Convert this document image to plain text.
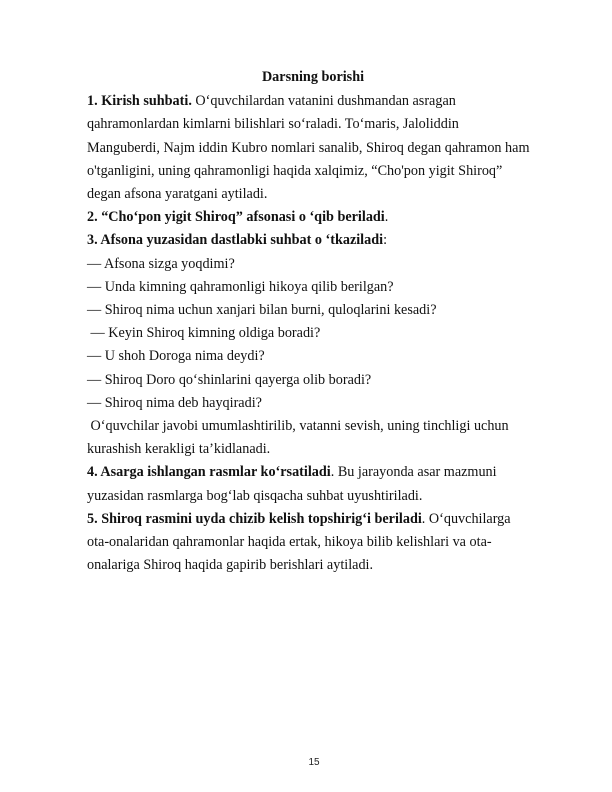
Darsning borishi

1. Kirish suhbati. O‘quvchilardan vatanini dushmandan asragan qahramonlardan kimlarni bilishlari so‘raladi. To‘maris, Jaloliddin Manguberdi, Najm iddin Kubro nomlari sanalib, Shiroq degan qahramon ham o'tganligini, uning qahramonligi haqida xalqimiz, “Cho'pon yigit Shiroq” degan afsona yaratgani aytiladi.

2. “Cho‘pon yigit Shiroq” afsonasi o ‘qib beriladi.

3. Afsona yuzasidan dastlabki suhbat o ‘tkaziladi:

— Afsona sizga yoqdimi?

— Unda kimning qahramonligi hikoya qilib berilgan?

— Shiroq nima uchun xanjari bilan burni, quloqlarini kesadi?

— Keyin Shiroq kimning oldiga boradi?

— U shoh Doroga nima deydi?

— Shiroq Doro qo‘shinlarini qayerga olib boradi?

— Shiroq nima deb hayqiradi?

O‘quvchilar javobi umumlashtirilib, vatanni sevish, uning tinchligi uchun kurashish kerakligi ta’kidlanadi.

4. Asarga ishlangan rasmlar ko‘rsatiladi. Bu jarayonda asar mazmuni yuzasidan rasmlarga bog‘lab qisqacha suhbat uyushtiriladi.

5. Shiroq rasmini uyda chizib kelish topshirig‘i beriladi. O‘quvchilarga ota-onalaridan qahramonlar haqida ertak, hikoya bilib kelishlari va ota-onalariga Shiroq haqida gapirib berishlari aytiladi.

15
